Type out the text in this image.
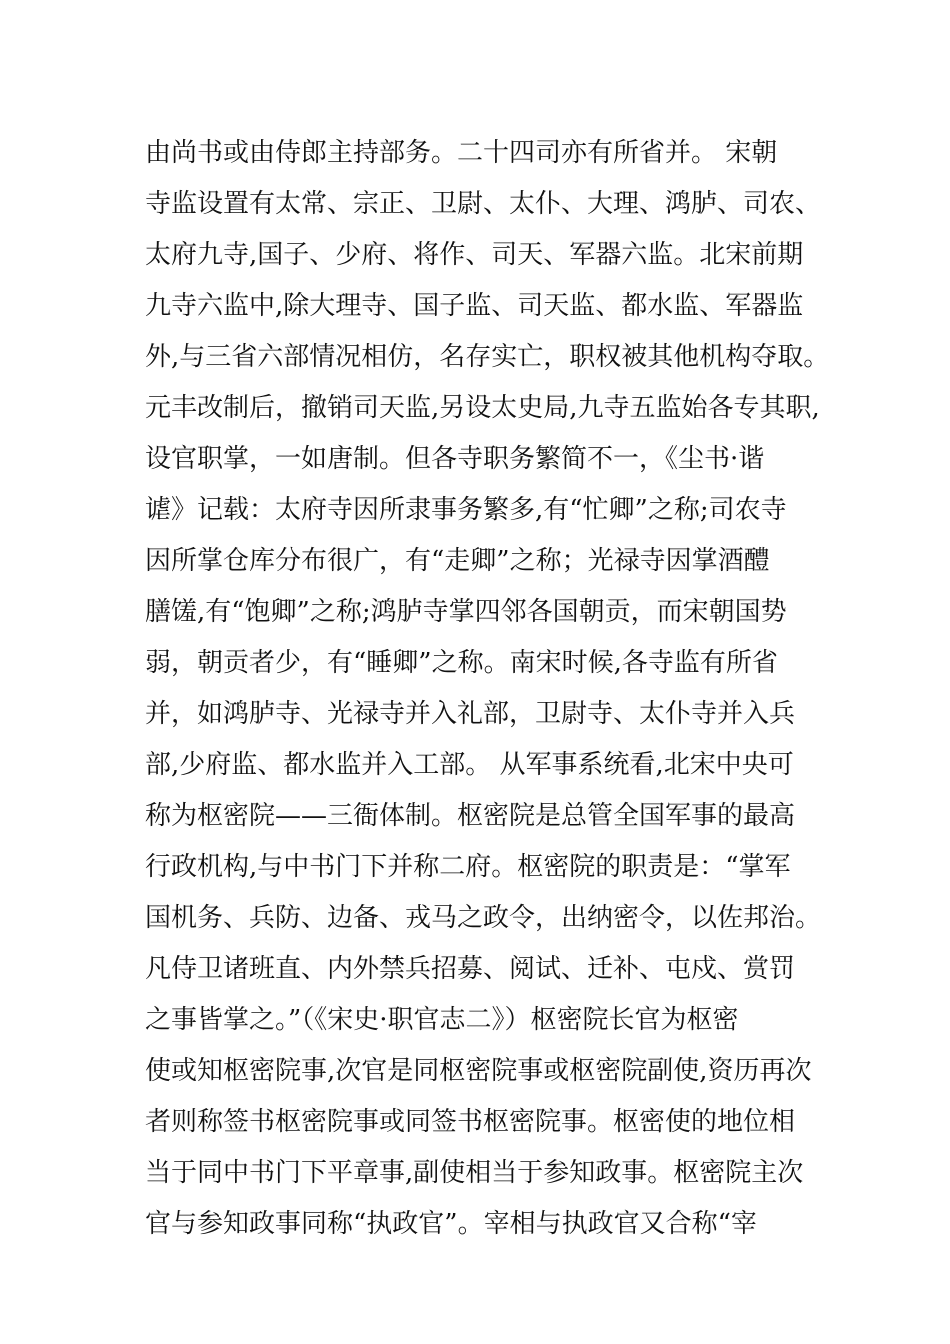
由尚书或由侍郎主持部务。二十四司亦有所省并。 宋朝
寺监设置有太常、宗正、卫尉、太仆、大理、鸿胪、司农、
太府九寺,国子、少府、将作、司天、军器六监。北宋前期
九寺六监中,除大理寺、国子监、司天监、都水监、军器监
外,与三省六部情况相仿，名存实亡，职权被其他机构夺取。
元丰改制后，撤销司天监,另设太史局,九寺五监始各专其职,
设官职掌，一如唐制。但各寺职务繁简不一，《尘书·谐
谑》记载：太府寺因所隶事务繁多,有“忙卿”之称;司农寺
因所掌仓库分布很广，有“走卿”之称；光禄寺因掌酒醴
膳馐,有“饱卿”之称;鸿胪寺掌四邻各国朝贡，而宋朝国势
弱，朝贡者少，有“睡卿”之称。南宋时候,各寺监有所省
并，如鸿胪寺、光禄寺并入礼部，卫尉寺、太仆寺并入兵
部,少府监、都水监并入工部。 从军事系统看,北宋中央可
称为枢密院——三衙体制。枢密院是总管全国军事的最高
行政机构,与中书门下并称二府。枢密院的职责是：“掌军
国机务、兵防、边备、戎马之政令，出纳密令，以佐邦治。
凡侍卫诸班直、内外禁兵招募、阅试、迁补、屯戍、赏罚
之事皆掌之。”（《宋史·职官志二》）枢密院长官为枢密
使或知枢密院事,次官是同枢密院事或枢密院副使,资历再次
者则称签书枢密院事或同签书枢密院事。枢密使的地位相
当于同中书门下平章事,副使相当于参知政事。枢密院主次
官与参知政事同称“执政官”。宰相与执政官又合称“宰
